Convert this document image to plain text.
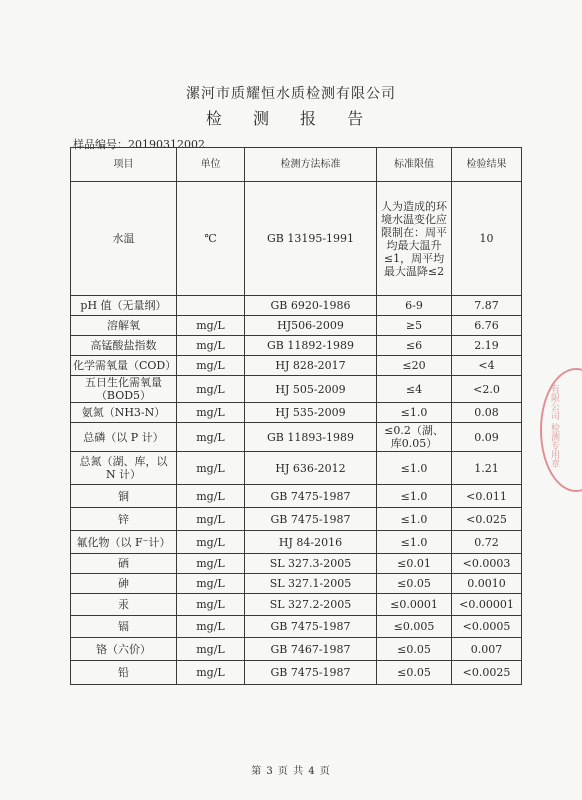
漯河市质耀恒水质检测有限公司
检 测 报 告
样品编号：20190312002
项目	单位	检测方法标准	标准限值	检验结果
水温	℃	GB 13195-1991	人为造成的环境水温变化应限制在：周平均最大温升≤1，周平均最大温降≤2	10
pH 值（无量纲）		GB 6920-1986	6-9	7.87
溶解氧	mg/L	HJ506-2009	≥5	6.76
高锰酸盐指数	mg/L	GB 11892-1989	≤6	2.19
化学需氧量（COD）	mg/L	HJ 828-2017	≤20	<4
五日生化需氧量（BOD5）	mg/L	HJ 505-2009	≤4	<2.0
氨氮（NH3-N）	mg/L	HJ 535-2009	≤1.0	0.08
总磷（以 P 计）	mg/L	GB 11893-1989	≤0.2（湖、库0.05）	0.09
总氮（湖、库，以 N 计）	mg/L	HJ 636-2012	≤1.0	1.21
铜	mg/L	GB 7475-1987	≤1.0	<0.011
锌	mg/L	GB 7475-1987	≤1.0	<0.025
氟化物（以 F⁻计）	mg/L	HJ 84-2016	≤1.0	0.72
硒	mg/L	SL 327.3-2005	≤0.01	<0.0003
砷	mg/L	SL 327.1-2005	≤0.05	0.0010
汞	mg/L	SL 327.2-2005	≤0.0001	<0.00001
镉	mg/L	GB 7475-1987	≤0.005	<0.0005
铬（六价）	mg/L	GB 7467-1987	≤0.05	0.007
铅	mg/L	GB 7475-1987	≤0.05	<0.0025
有限公司 检测专用章
第 3 页 共 4 页
